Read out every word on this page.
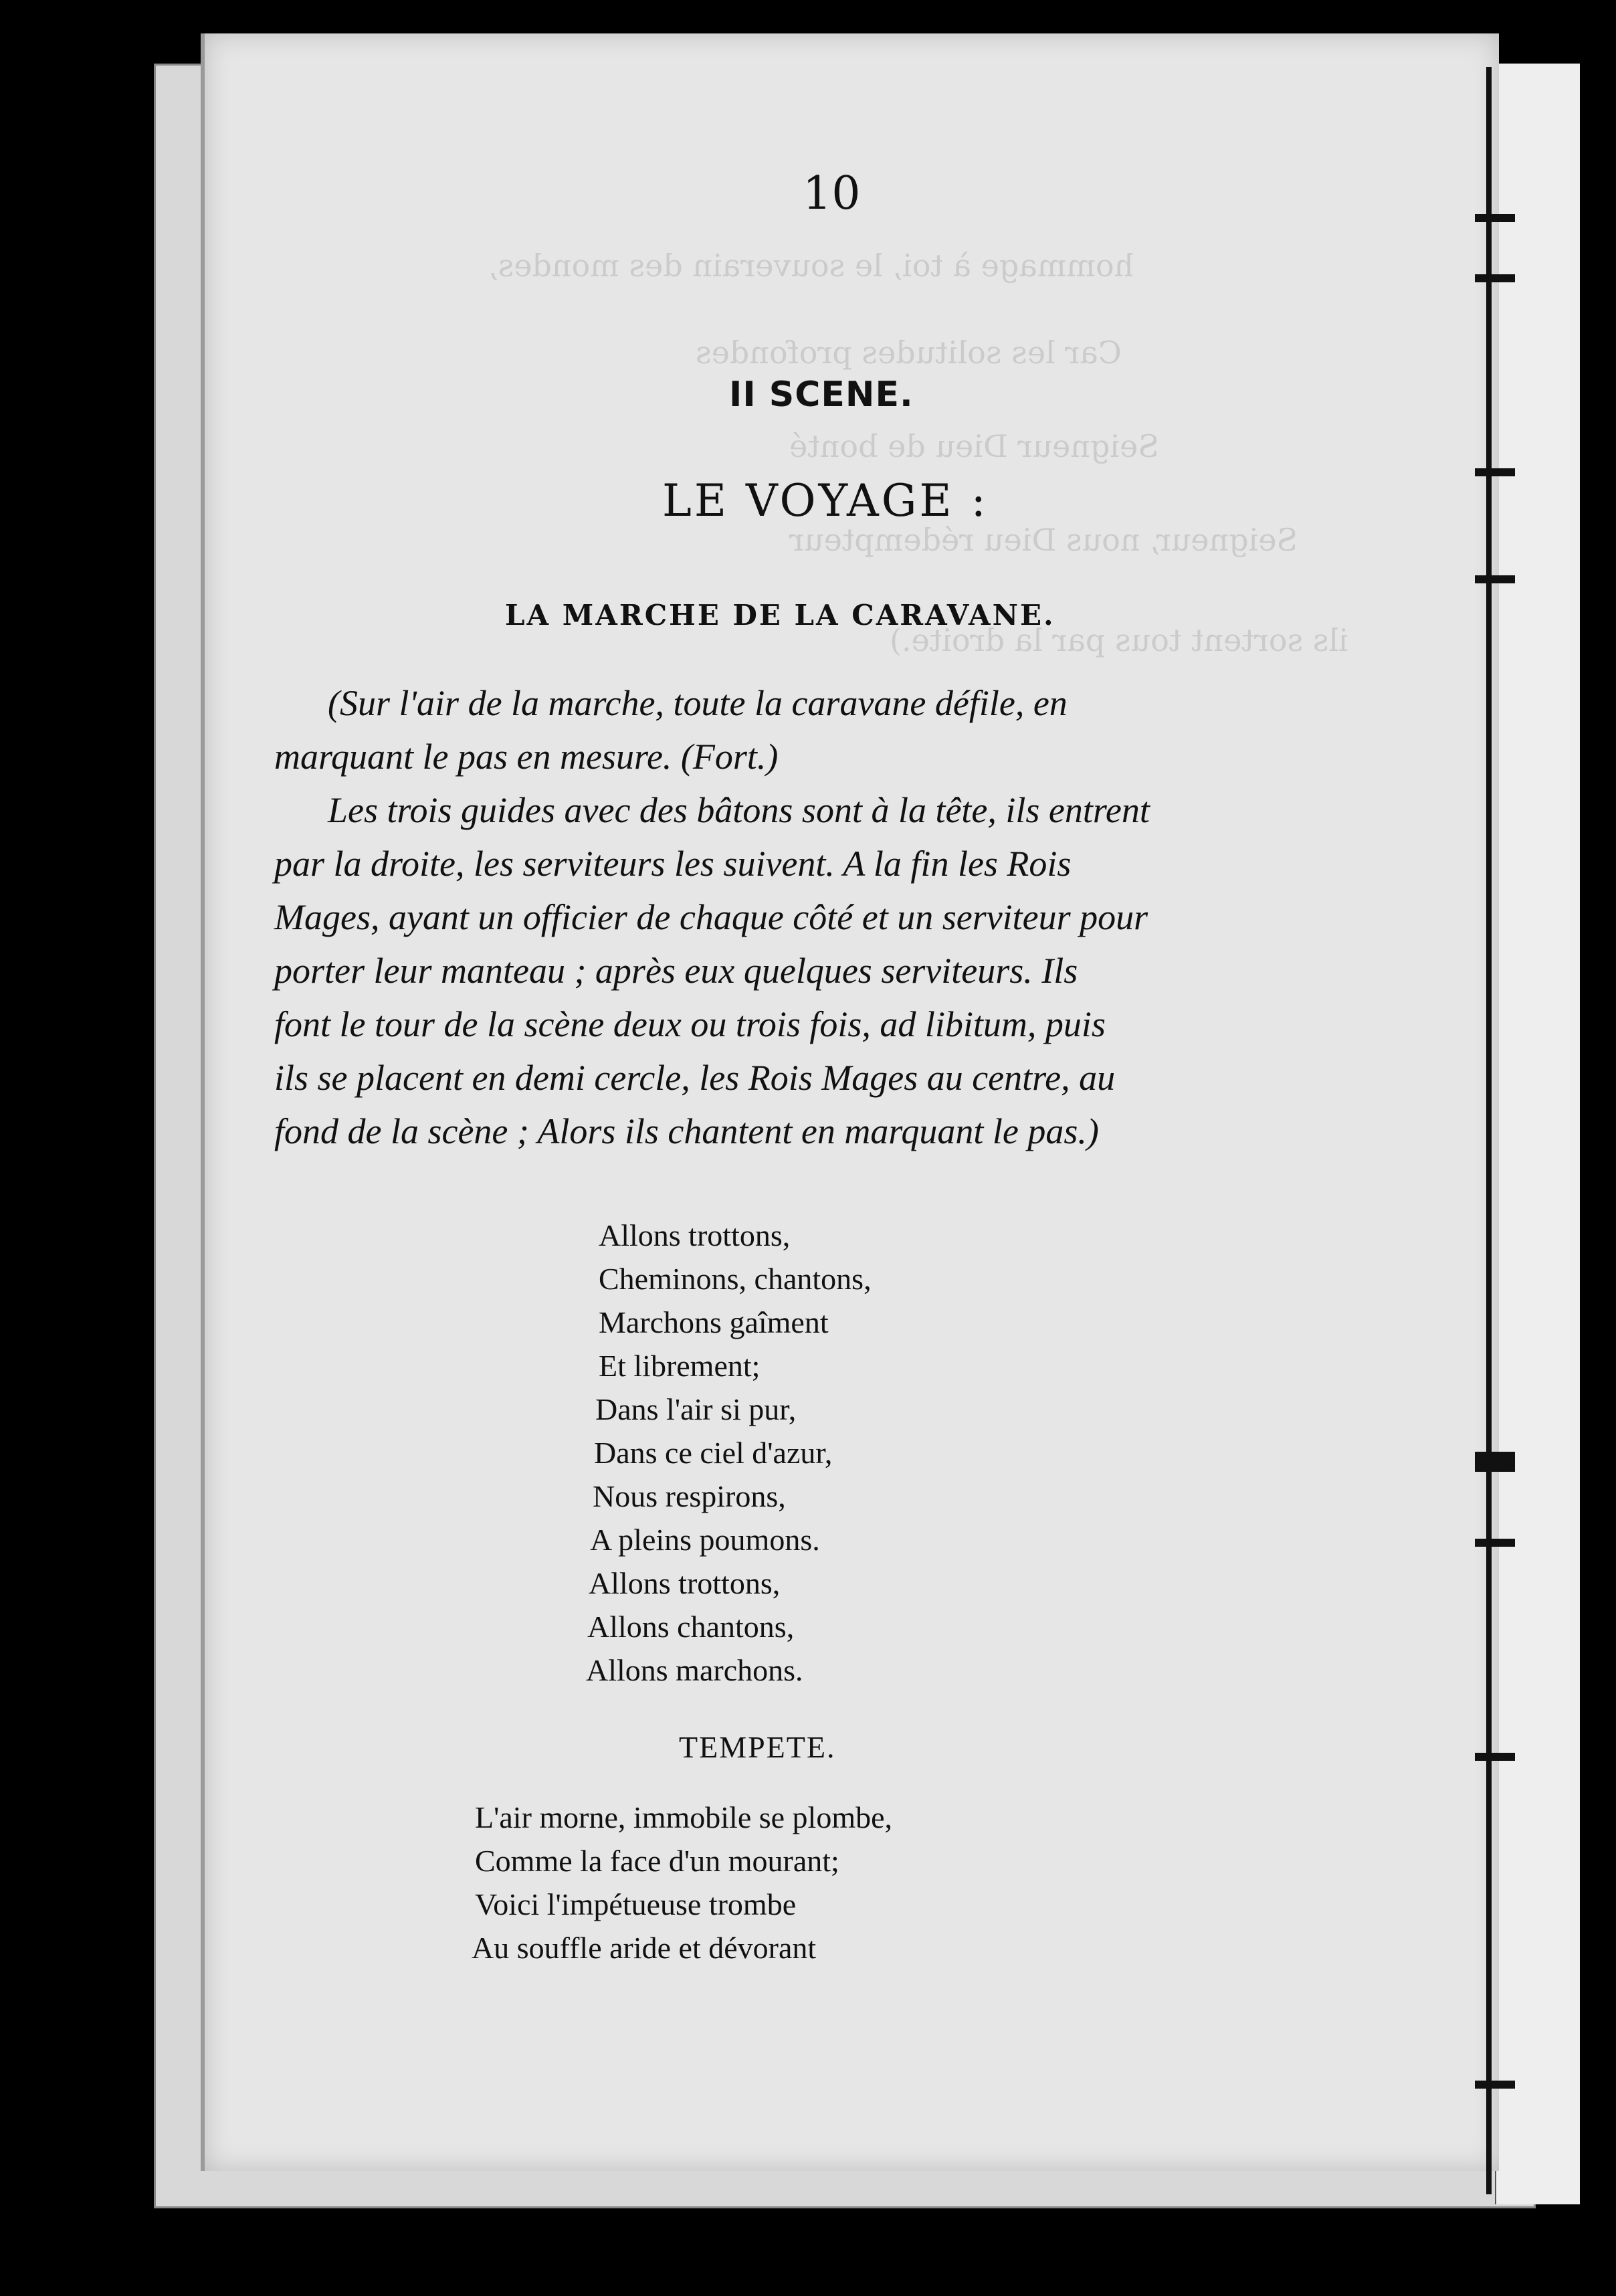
hommage à toi, le souverain des mondes,
Car les solitudes profondes
Seigneur Dieu de bonté
Seigneur, nous Dieu rédempteur
ils sortent tous par la droite.)
10
II SCENE.
LE VOYAGE :
LA MARCHE DE LA CARAVANE.
(Sur l'air de la marche, toute la caravane défile, en
marquant le pas en mesure. (Fort.)
Les trois guides avec des bâtons sont à la tête, ils entrent
par la droite, les serviteurs les suivent. A la fin les Rois
Mages, ayant un officier de chaque côté et un serviteur pour
porter leur manteau ; après eux quelques serviteurs. Ils
font le tour de la scène deux ou trois fois, ad libitum, puis
ils se placent en demi cercle, les Rois Mages au centre, au
fond de la scène ; Alors ils chantent en marquant le pas.)
Allons trottons,
Cheminons, chantons,
Marchons gaîment
Et librement;
Dans l'air si pur,
Dans ce ciel d'azur,
Nous respirons,
A pleins poumons.
Allons trottons,
Allons chantons,
Allons marchons.
TEMPETE.
L'air morne, immobile se plombe,
Comme la face d'un mourant;
Voici l'impétueuse trombe
Au souffle aride et dévorant
